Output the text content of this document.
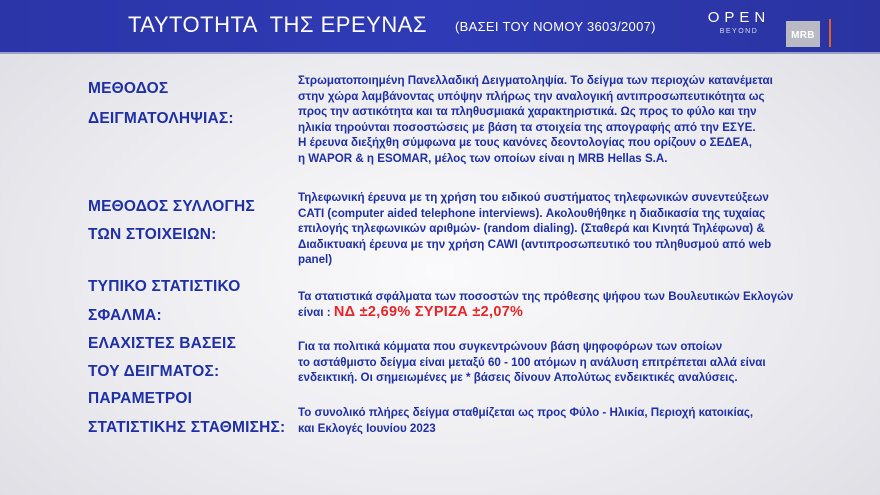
ΤΑΥΤΟΤΗΤΑ  ΤΗΣ ΕΡΕΥΝΑΣ (ΒΑΣΕΙ ΤΟΥ ΝΟΜΟΥ 3603/2007)
OPEN
BEYOND	MRB
ΜΕΘΟΔΟΣ
ΔΕΙΓΜΑΤΟΛΗΨΙΑΣ:
Στρωματοποιημένη Πανελλαδική Δειγματοληψία. Το δείγμα των περιοχών κατανέμεται
στην χώρα λαμβάνοντας υπόψην πλήρως την αναλογική αντιπροσωπευτικότητα ως
προς την αστικότητα και τα πληθυσμιακά χαρακτηριστικά. Ως προς το φύλο και την
ηλικία τηρούνται ποσοστώσεις με βάση τα στοιχεία της απογραφής από την ΕΣΥΕ.
Η έρευνα διεξήχθη σύμφωνα με τους κανόνες δεοντολογίας που ορίζουν ο ΣΕΔΕΑ,
η WAPOR & η ESOMAR, μέλος των οποίων είναι η MRB Hellas S.A.
ΜΕΘΟΔΟΣ ΣΥΛΛΟΓΗΣ
ΤΩΝ ΣΤΟΙΧΕΙΩΝ:
Τηλεφωνική έρευνα με τη χρήση του ειδικού συστήματος τηλεφωνικών συνεντεύξεων
CATI (computer aided telephone interviews). Ακολουθήθηκε η διαδικασία της τυχαίας
επιλογής τηλεφωνικών αριθμών- (random dialing). (Σταθερά και Κινητά Τηλέφωνα) &
Διαδικτυακή έρευνα με την χρήση CAWI (αντιπροσωπευτικό του πληθυσμού από web
panel)
ΤΥΠΙΚΟ ΣΤΑΤΙΣΤΙΚΟ
ΣΦΑΛΜΑ:
Τα στατιστικά σφάλματα των ποσοστών της πρόθεσης ψήφου των Βουλευτικών Εκλογών
είναι : ΝΔ ±2,69% ΣΥΡΙΖΑ ±2,07%
ΕΛΑΧΙΣΤΕΣ ΒΑΣΕΙΣ
ΤΟΥ ΔΕΙΓΜΑΤΟΣ:
Για τα πολιτικά κόμματα που συγκεντρώνουν βάση ψηφοφόρων των οποίων
το αστάθμιστο δείγμα είναι μεταξύ 60 - 100 ατόμων η ανάλυση επιτρέπεται αλλά είναι
ενδεικτική. Οι σημειωμένες με * βάσεις δίνουν Απολύτως ενδεικτικές αναλύσεις.
ΠΑΡΑΜΕΤΡΟΙ
ΣΤΑΤΙΣΤΙΚΗΣ ΣΤΑΘΜΙΣΗΣ:
Το συνολικό πλήρες δείγμα σταθμίζεται ως προς Φύλο - Ηλικία, Περιοχή κατοικίας,
και Εκλογές Ιουνίου 2023
